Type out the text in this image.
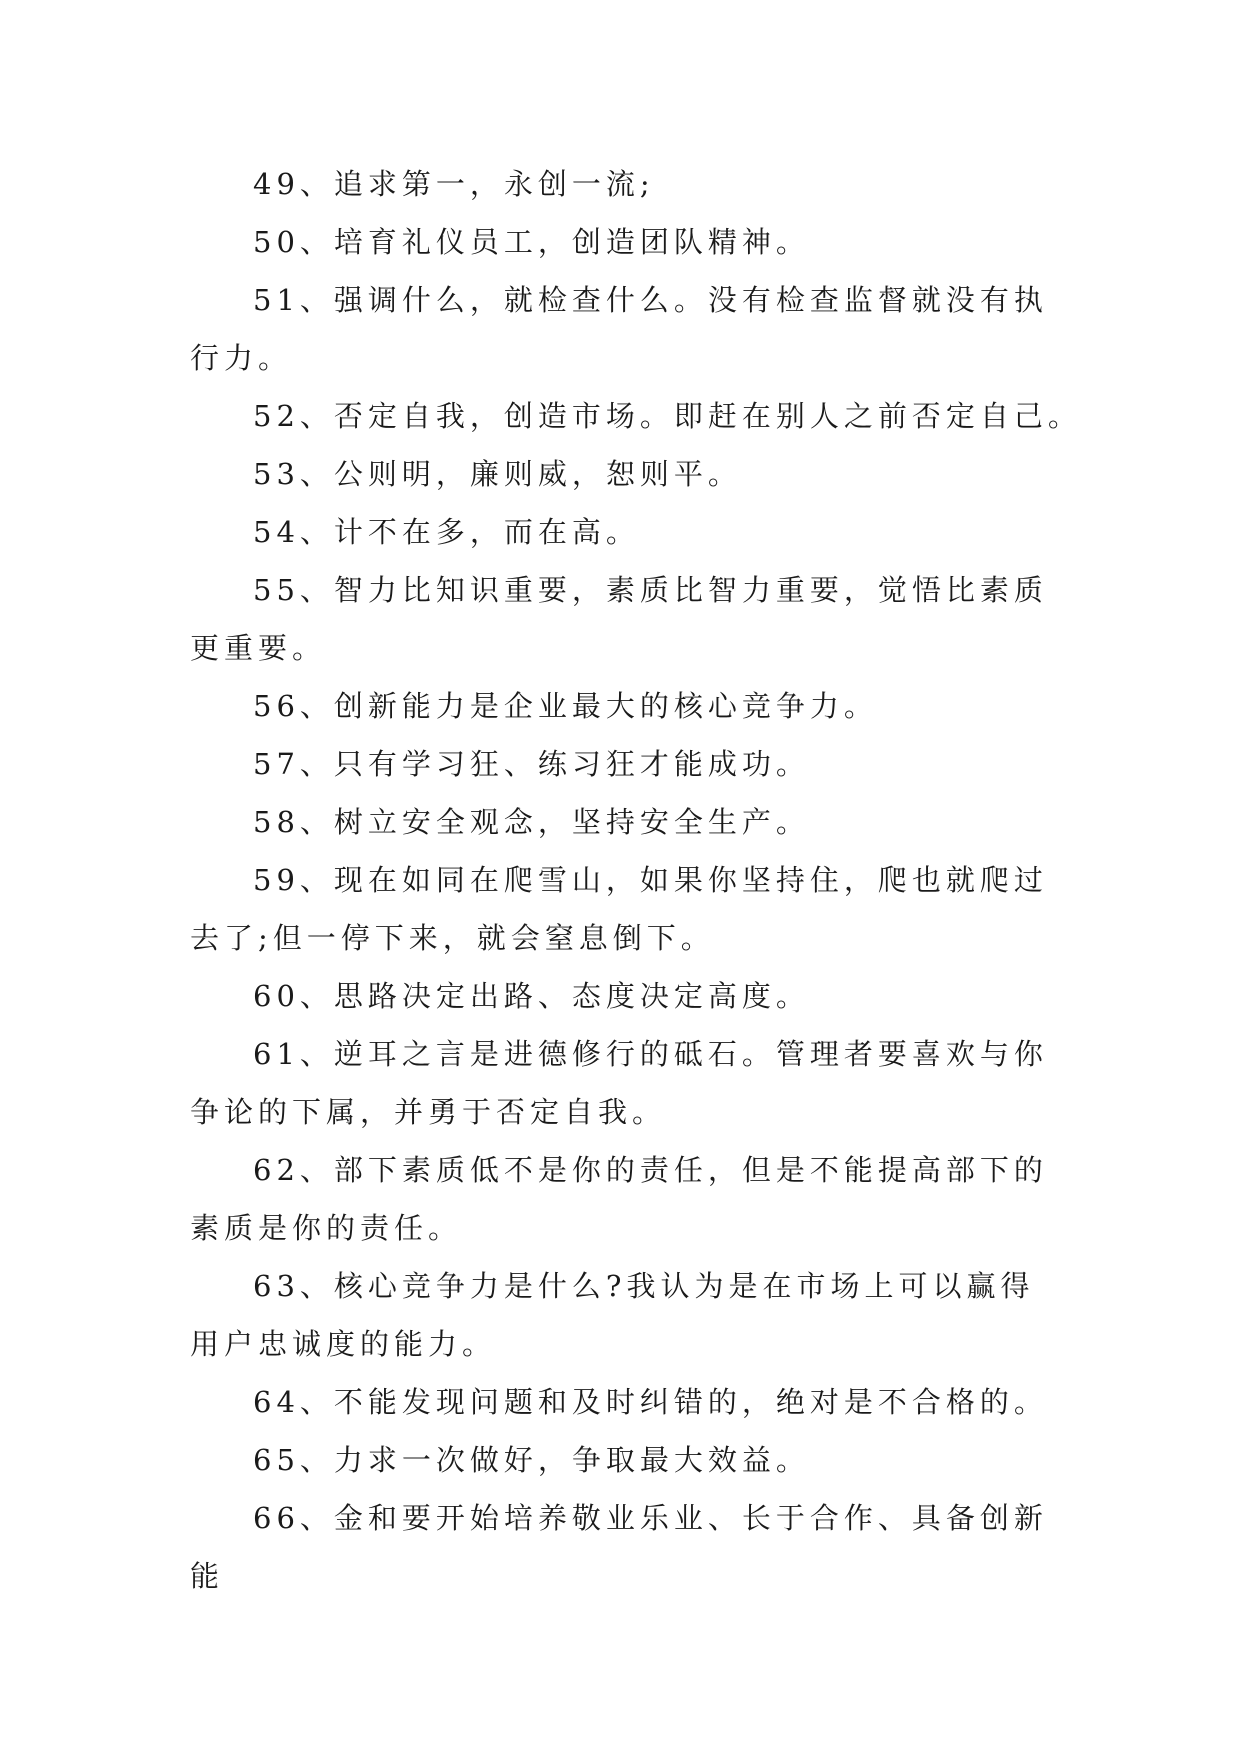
49、追求第一，永创一流;

50、培育礼仪员工，创造团队精神。

51、强调什么，就检查什么。没有检查监督就没有执行力。

52、否定自我，创造市场。即赶在别人之前否定自己。

53、公则明，廉则威，恕则平。

54、计不在多，而在高。

55、智力比知识重要，素质比智力重要，觉悟比素质更重要。

56、创新能力是企业最大的核心竞争力。

57、只有学习狂、练习狂才能成功。

58、树立安全观念，坚持安全生产。

59、现在如同在爬雪山，如果你坚持住，爬也就爬过去了;但一停下来，就会窒息倒下。

60、思路决定出路、态度决定高度。

61、逆耳之言是进德修行的砥石。管理者要喜欢与你争论的下属，并勇于否定自我。

62、部下素质低不是你的责任，但是不能提高部下的素质是你的责任。

63、核心竞争力是什么?我认为是在市场上可以赢得用户忠诚度的能力。

64、不能发现问题和及时纠错的，绝对是不合格的。

65、力求一次做好，争取最大效益。

66、金和要开始培养敬业乐业、长于合作、具备创新能
